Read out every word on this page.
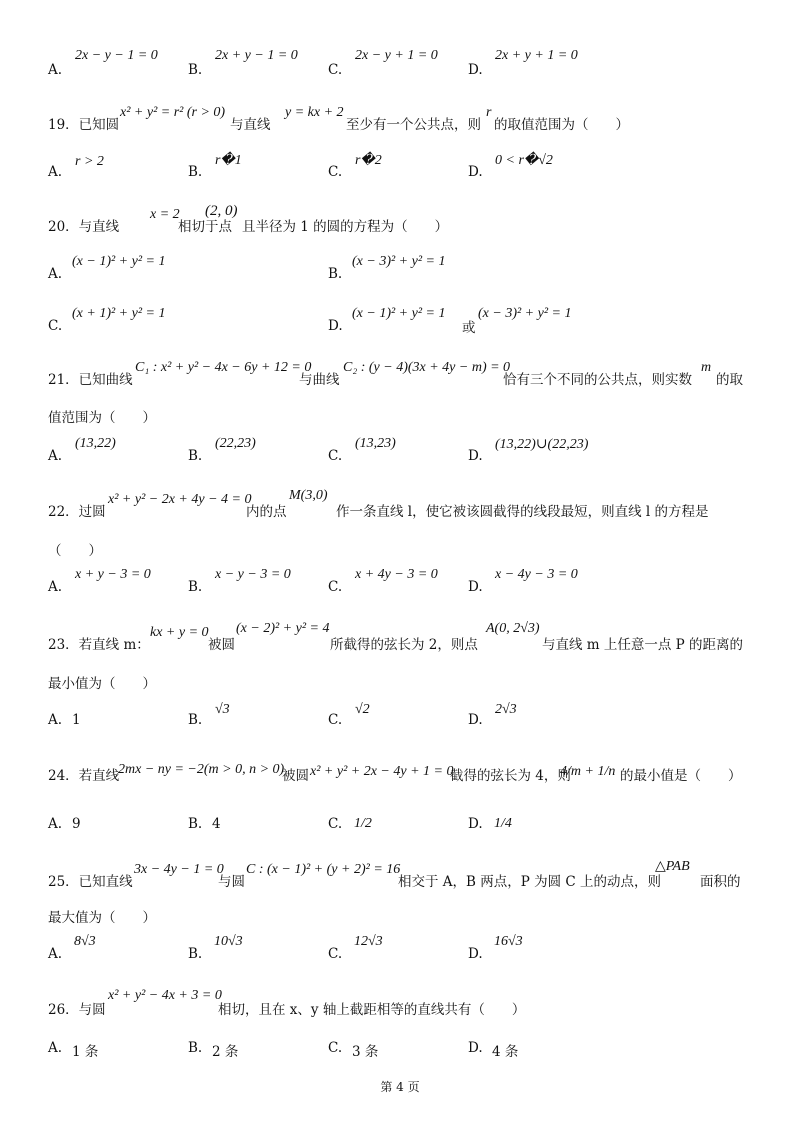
A.
2x − y − 1 = 0
B.
2x + y − 1 = 0
C.
2x − y + 1 = 0
D.
2x + y + 1 = 0
19．已知圆
x² + y² = r² (r > 0)
与直线
y = kx + 2
至少有一个公共点，则
r
的取值范围为（　　）
A.
r > 2
B.
r�1
C.
r�2
D.
0 < r�√2
20．与直线
x = 2
相切于点
(2, 0)
且半径为 1 的圆的方程为（　　）
A.
(x − 1)² + y² = 1
B.
(x − 3)² + y² = 1
C.
(x + 1)² + y² = 1
D.
(x − 1)² + y² = 1
或
(x − 3)² + y² = 1
21．已知曲线
C₁ : x² + y² − 4x − 6y + 12 = 0
与曲线
C₂ : (y − 4)(3x + 4y − m) = 0
恰有三个不同的公共点，则实数
m
的取
值范围为（　　）
A.
(13,22)
B.
(22,23)
C.
(13,23)
D.
(13,22)∪(22,23)
22．过圆
x² + y² − 2x + 4y − 4 = 0
内的点
M(3,0)
作一条直线 l，使它被该圆截得的线段最短，则直线 l 的方程是
（　　）
A.
x + y − 3 = 0
B.
x − y − 3 = 0
C.
x + 4y − 3 = 0
D.
x − 4y − 3 = 0
23．若直线 m：
kx + y = 0
被圆
(x − 2)² + y² = 4
所截得的弦长为 2，则点
A(0, 2√3)
与直线 m 上任意一点 P 的距离的
最小值为（　　）
A. 1	B.
√3
C.
√2
D.
2√3
24．若直线
2mx − ny = −2(m > 0, n > 0)
被圆 x² + y² + 2x − 4y + 1 = 0
截得的弦长为 4，则
4/m + 1/n 的最小值是（　　）
A. 9	B. 4	C. 1/2	D. 1/4
25．已知直线
3x − 4y − 1 = 0
与圆
C : (x − 1)² + (y + 2)² = 16
相交于 A，B 两点，P 为圆 C 上的动点，则
△PAB
面积的
最大值为（　　）
A.
8√3
B.
10√3
C.
12√3
D.
16√3
26．与圆
x² + y² − 4x + 3 = 0
相切，且在 x、y 轴上截距相等的直线共有（　　）
A. 1 条	B. 2 条	C. 3 条	D. 4 条
第 4 页
